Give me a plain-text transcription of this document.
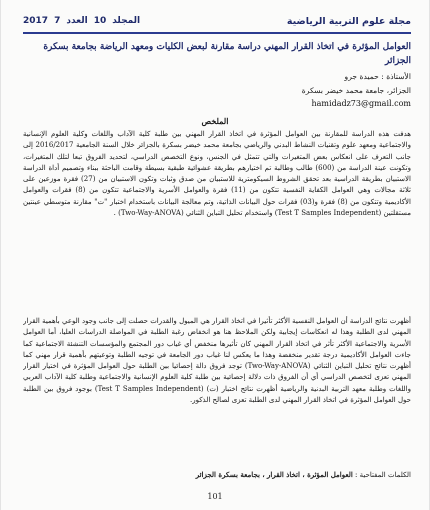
مجلة علوم التربية الرياضية
المجلد
10
العدد
7
2017
العوامل المؤثرة في اتخاذ القرار المهني دراسة مقارنة لبعض الكليات ومعهد الرياضة بجامعة بسكرة الجزائر
الأستاذة : حميدة جرو
الجزائر، جامعة محمد خيضر بسكرة
hamidadz73@gmail.com
الملخص

هدفت هذه الدراسة للمقارنة بين العوامل المؤثرة في اتخاذ القرار المهني بين طلبة كلية الآداب واللغات وكلية العلوم الإنسانية والاجتماعية ومعهد علوم وتقنيات النشاط البدني والرياضي بجامعة محمد خيضر بسكرة بالجزائر خلال السنة الجامعية 2016/2017 إلى جانب التعرف على انعكاس بعض المتغيرات والتي تتمثل في الجنس، ونوع التخصص الدراسي، لتحديد الفروق تبعا لتلك المتغيرات، وتكونت عينة الدراسة من (600) طالب وطالبة تم اختيارهم بطريقة عشوائية طبقية بسيطة وقامت الباحثة ببناء وتصميم أداة الدراسة الاستبيان بطريقة الدراسية بعد تحقق الشروط السيكومترية للاستبيان من صدق وثبات وتكون الاستبيان من (27) فقرة موزعين على ثلاثة مجالات وهي العوامل الكفاية النفسية تتكون من (11) فقرة والعوامل الأسرية والاجتماعية تتكون من (8) فقرات والعوامل الأكاديمية وتتكون من (8) فقرة و(03) فقرات حول البيانات الذاتية، وتم معالجة البيانات باستخدام اختبار "ت" مقارنة متوسطي عينتين مستقلتين (Test T Samples Independent) واستخدام تحليل التباين الثنائي (Two-Way-ANOVA) .

أظهرت نتائج الدراسة أن العوامل النفسية الأكثر تأثيرا في اتخاذ القرار هي الميول والقدرات حصلت إلى جانب وجود الوعي بأهمية القرار المهني لدى الطلبة وهذا له انعكاسات إيجابية ولكن الملاحظ هنا هو انخفاض رغبة الطلبة في المواصلة الدراسات العليا، أما العوامل الأسرية والاجتماعية الأكثر تأثر في اتخاذ القرار المهني كان تأثيرها منخفض أي غياب دور المجتمع والمؤسسات التنشئة الاجتماعية كما جاءت العوامل الأكاديمية درجة تقدير منخفضة وهذا ما يعكس لنا غياب دور الجامعة في توجيه الطلبة وتوعيتهم بأهمية قرار مهني كما أظهرت نتائج تحليل التباين الثنائي (Two-Way-ANOVA) توجد فروق دالة إحصائيا بين الطلبة حول العوامل المؤثرة في اختيار القرار المهني تعزى لتخصص الدراسي أي أن الفروق ذات دلالة إحصائية بين طلبة كلية العلوم الإنسانية والاجتماعية وطلبة كلية الآداب العربي واللغات وطلبة معهد التربية البدنية والرياضية أظهرت نتائج اختبار (ت) (Test T Samples Independent) بوجود فروق بين الطلبة حول العوامل المؤثرة في اتخاذ القرار المهني لدى الطلبة تعزى لصالح الذكور.

الكلمات المفتاحية : العوامل المؤثرة ، اتخاذ القرار ، بجامعة بسكرة الجزائر
101
